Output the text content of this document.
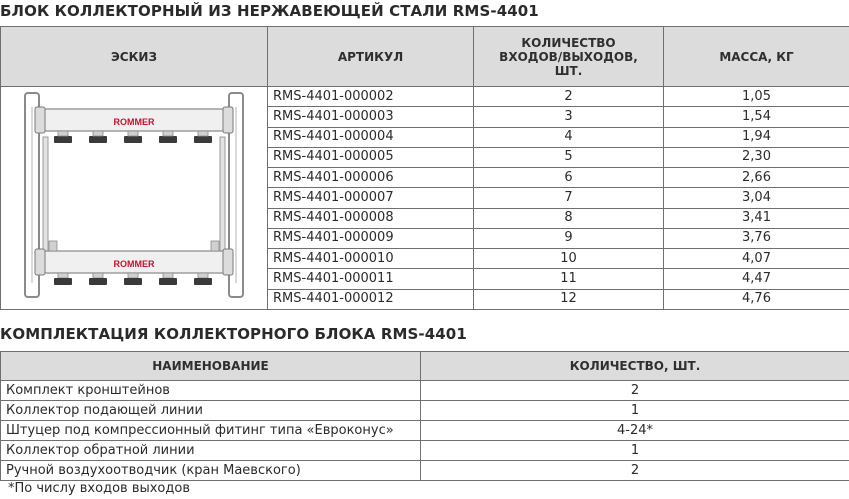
БЛОК КОЛЛЕКТОРНЫЙ ИЗ НЕРЖАВЕЮЩЕЙ СТАЛИ RMS-4401
ЭСКИЗ	АРТИКУЛ	КОЛИЧЕСТВО ВХОДОВ/ВЫХОДОВ, ШТ.	МАССА, КГ

ROMMER
ROMMER	RMS-4401-000002	2	1,05
	RMS-4401-000003	3	1,54
	RMS-4401-000004	4	1,94
	RMS-4401-000005	5	2,30
	RMS-4401-000006	6	2,66
	RMS-4401-000007	7	3,04
	RMS-4401-000008	8	3,41
	RMS-4401-000009	9	3,76
	RMS-4401-000010	10	4,07
	RMS-4401-000011	11	4,47
	RMS-4401-000012	12	4,76
КОМПЛЕКТАЦИЯ КОЛЛЕКТОРНОГО БЛОКА RMS-4401
НАИМЕНОВАНИЕ	КОЛИЧЕСТВО, ШТ.
Комплект кронштейнов	2
Коллектор подающей линии	1
Штуцер под компрессионный фитинг типа «Евроконус»	4-24*
Коллектор обратной линии	1
Ручной воздухоотводчик (кран Маевского)	2
*По числу входов выходов
